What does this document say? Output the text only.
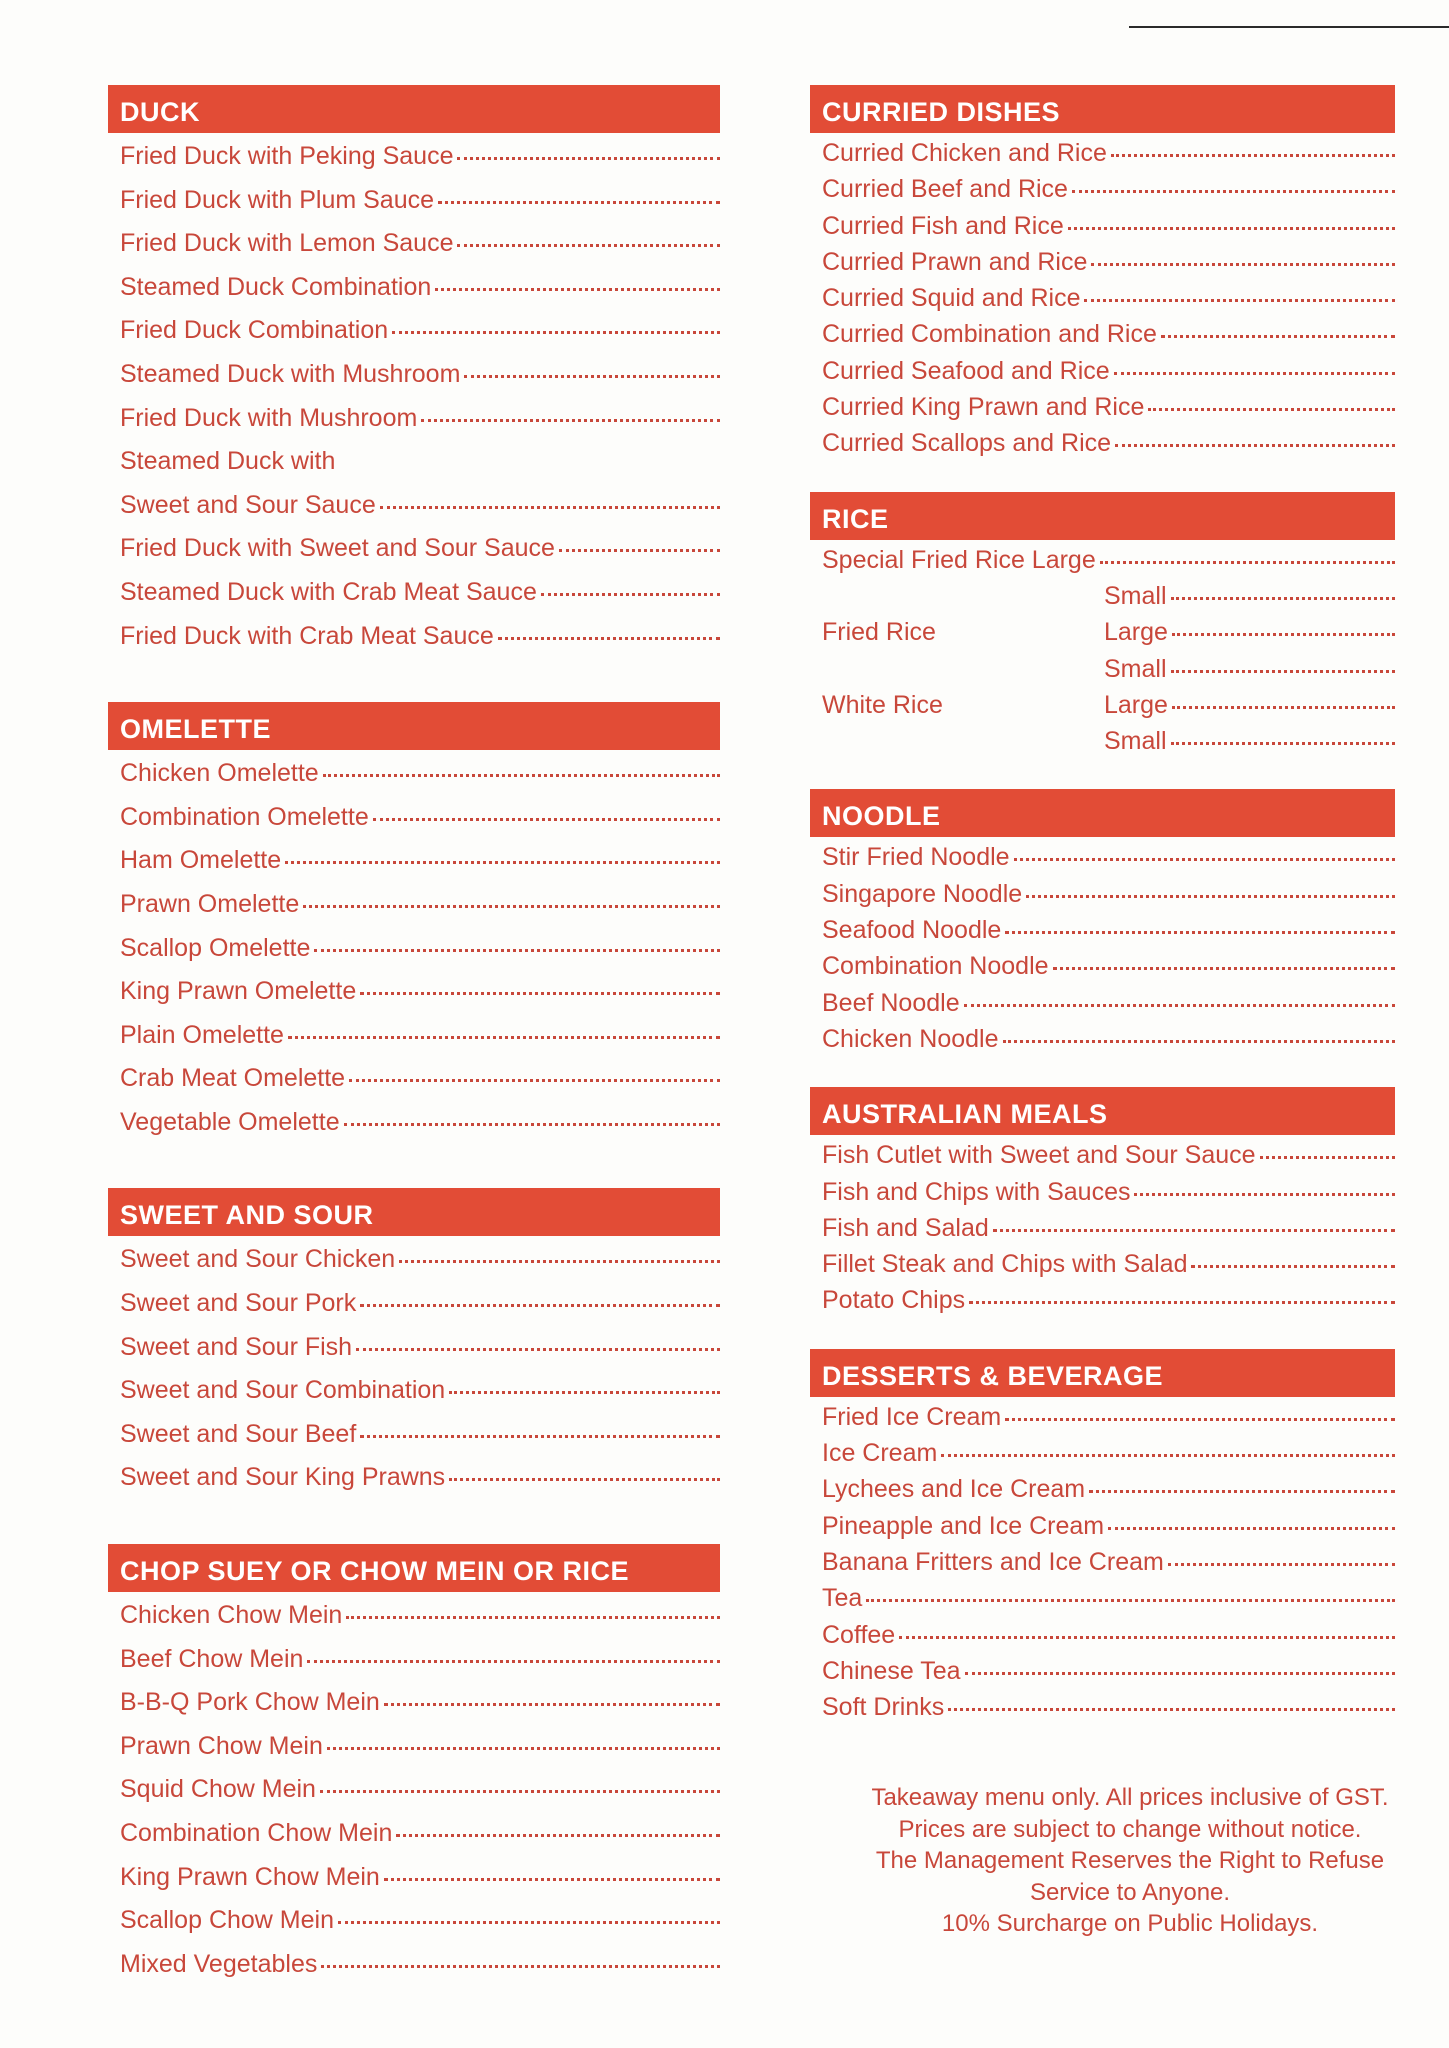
DUCK
Fried Duck with Peking Sauce
Fried Duck with Plum Sauce
Fried Duck with Lemon Sauce
Steamed Duck Combination
Fried Duck Combination
Steamed Duck with Mushroom
Fried Duck with Mushroom
Steamed Duck with
Sweet and Sour Sauce
Fried Duck with Sweet and Sour Sauce
Steamed Duck with Crab Meat Sauce
Fried Duck with Crab Meat Sauce
OMELETTE
Chicken Omelette
Combination Omelette
Ham Omelette
Prawn Omelette
Scallop Omelette
King Prawn Omelette
Plain Omelette
Crab Meat Omelette
Vegetable Omelette
SWEET AND SOUR
Sweet and Sour Chicken
Sweet and Sour Pork
Sweet and Sour Fish
Sweet and Sour Combination
Sweet and Sour Beef
Sweet and Sour King Prawns
CHOP SUEY OR CHOW MEIN OR RICE
Chicken Chow Mein
Beef Chow Mein
B-B-Q Pork Chow Mein
Prawn Chow Mein
Squid Chow Mein
Combination Chow Mein
King Prawn Chow Mein
Scallop Chow Mein
Mixed Vegetables
CURRIED DISHES
Curried Chicken and Rice
Curried Beef and Rice
Curried Fish and Rice
Curried Prawn and Rice
Curried Squid and Rice
Curried Combination and Rice
Curried Seafood and Rice
Curried King Prawn and Rice
Curried Scallops and Rice
RICE
Special Fried Rice Large
Small
Fried Rice	Large
Small
White Rice	Large
Small
NOODLE
Stir Fried Noodle
Singapore Noodle
Seafood Noodle
Combination Noodle
Beef Noodle
Chicken Noodle
AUSTRALIAN MEALS
Fish Cutlet with Sweet and Sour Sauce
Fish and Chips with Sauces
Fish and Salad
Fillet Steak and Chips with Salad
Potato Chips
DESSERTS & BEVERAGE
Fried Ice Cream
Ice Cream
Lychees and Ice Cream
Pineapple and Ice Cream
Banana Fritters and Ice Cream
Tea
Coffee
Chinese Tea
Soft Drinks
Takeaway menu only. All prices inclusive of GST.
Prices are subject to change without notice.
The Management Reserves the Right to Refuse
Service to Anyone.
10% Surcharge on Public Holidays.
